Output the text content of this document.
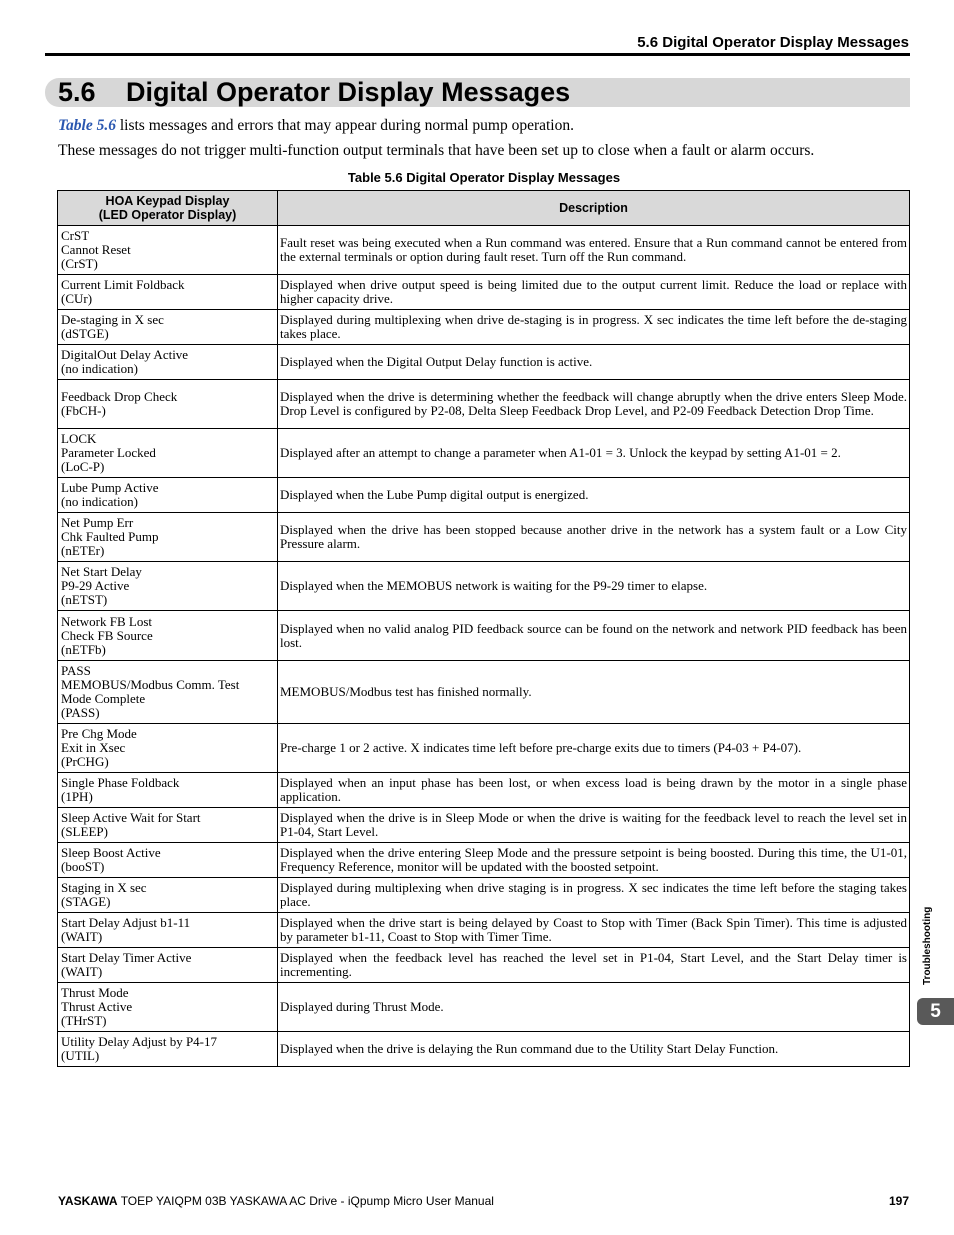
5.6 Digital Operator Display Messages
5.6 Digital Operator Display Messages
Table 5.6 lists messages and errors that may appear during normal pump operation.
These messages do not trigger multi-function output terminals that have been set up to close when a fault or alarm occurs.
Table 5.6 Digital Operator Display Messages
HOA Keypad Display
(LED Operator Display)	Description

CrST
Cannot Reset
(CrST)	Fault reset was being executed when a Run command was entered. Ensure that a Run command cannot be entered from the external terminals or option during fault reset. Turn off the Run command.

Current Limit Foldback
(CUr)	Displayed when drive output speed is being limited due to the output current limit. Reduce the load or replace with higher capacity drive.

De-staging in X sec
(dSTGE)	Displayed during multiplexing when drive de-staging is in progress. X sec indicates the time left before the de-staging takes place.

DigitalOut Delay Active
(no indication)	Displayed when the Digital Output Delay function is active.

Feedback Drop Check
(FbCH-)	Displayed when the drive is determining whether the feedback will change abruptly when the drive enters Sleep Mode. Drop Level is configured by P2-08, Delta Sleep Feedback Drop Level, and P2-09 Feedback Detection Drop Time.

LOCK
Parameter Locked
(LoC-P)	Displayed after an attempt to change a parameter when A1-01 = 3. Unlock the keypad by setting A1-01 = 2.

Lube Pump Active
(no indication)	Displayed when the Lube Pump digital output is energized.

Net Pump Err
Chk Faulted Pump
(nETEr)	Displayed when the drive has been stopped because another drive in the network has a system fault or a Low City Pressure alarm.

Net Start Delay
P9-29 Active
(nETST)	Displayed when the MEMOBUS network is waiting for the P9-29 timer to elapse.

Network FB Lost
Check FB Source
(nETFb)	Displayed when no valid analog PID feedback source can be found on the network and network PID feedback has been lost.

PASS
MEMOBUS/Modbus Comm. Test
Mode Complete
(PASS)	MEMOBUS/Modbus test has finished normally.

Pre Chg Mode
Exit in Xsec
(PrCHG)	Pre-charge 1 or 2 active. X indicates time left before pre-charge exits due to timers (P4-03 + P4-07).

Single Phase Foldback
(1PH)	Displayed when an input phase has been lost, or when excess load is being drawn by the motor in a single phase application.

Sleep Active Wait for Start
(SLEEP)	Displayed when the drive is in Sleep Mode or when the drive is waiting for the feedback level to reach the level set in P1-04, Start Level.

Sleep Boost Active
(booST)	Displayed when the drive entering Sleep Mode and the pressure setpoint is being boosted. During this time, the U1-01, Frequency Reference, monitor will be updated with the boosted setpoint.

Staging in X sec
(STAGE)	Displayed during multiplexing when drive staging is in progress. X sec indicates the time left before the staging takes place.

Start Delay Adjust b1-11
(WAIT)	Displayed when the drive start is being delayed by Coast to Stop with Timer (Back Spin Timer). This time is adjusted by parameter b1-11, Coast to Stop with Timer Time.

Start Delay Timer Active
(WAIT)	Displayed when the feedback level has reached the level set in P1-04, Start Level, and the Start Delay timer is incrementing.

Thrust Mode
Thrust Active
(THrST)	Displayed during Thrust Mode.

Utility Delay Adjust by P4-17
(UTIL)	Displayed when the drive is delaying the Run command due to the Utility Start Delay Function.
Troubleshooting
5
YASKAWA TOEP YAIQPM 03B YASKAWA AC Drive - iQpump Micro User Manual	197
